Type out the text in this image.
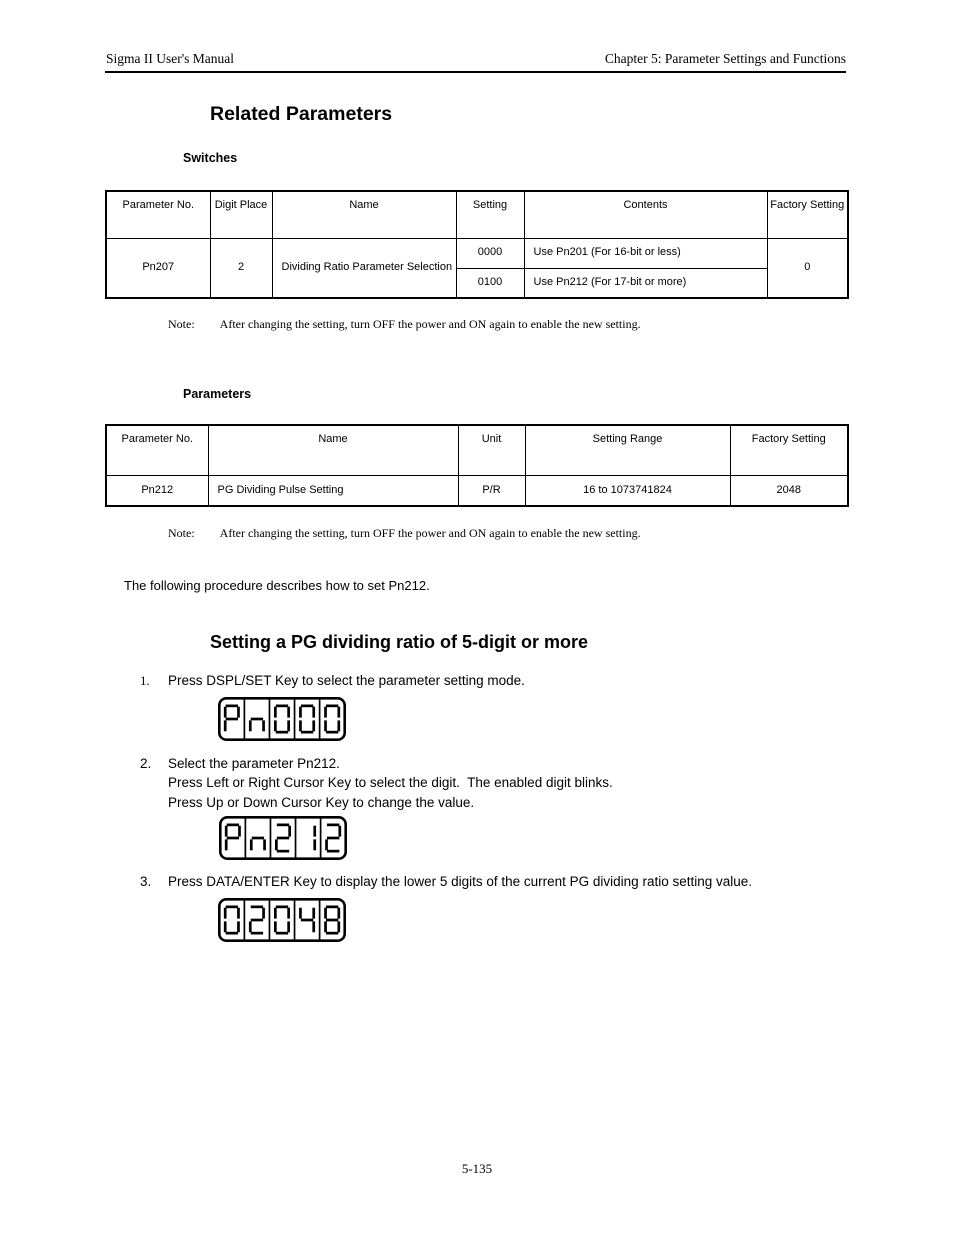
Sigma II User's Manual	Chapter 5: Parameter Settings and Functions
Related Parameters
Switches
Parameter No.	Digit Place	Name	Setting	Contents	Factory Setting
Pn207	2	Dividing Ratio Parameter Selection	0000	Use Pn201 (For 16-bit or less)	0
			0100	Use Pn212 (For 17-bit or more)	
Note: After changing the setting, turn OFF the power and ON again to enable the new setting.
Parameters
Parameter No.	Name	Unit	Setting Range	Factory Setting
Pn212	PG Dividing Pulse Setting	P/R	16 to 1073741824	2048
Note: After changing the setting, turn OFF the power and ON again to enable the new setting.
The following procedure describes how to set Pn212.
Setting a PG dividing ratio of 5-digit or more
1.	Press DSPL/SET Key to select the parameter setting mode.
2.	Select the parameter Pn212.
Press Left or Right Cursor Key to select the digit.  The enabled digit blinks.
Press Up or Down Cursor Key to change the value.
3.	Press DATA/ENTER Key to display the lower 5 digits of the current PG dividing ratio setting value.
5-135
